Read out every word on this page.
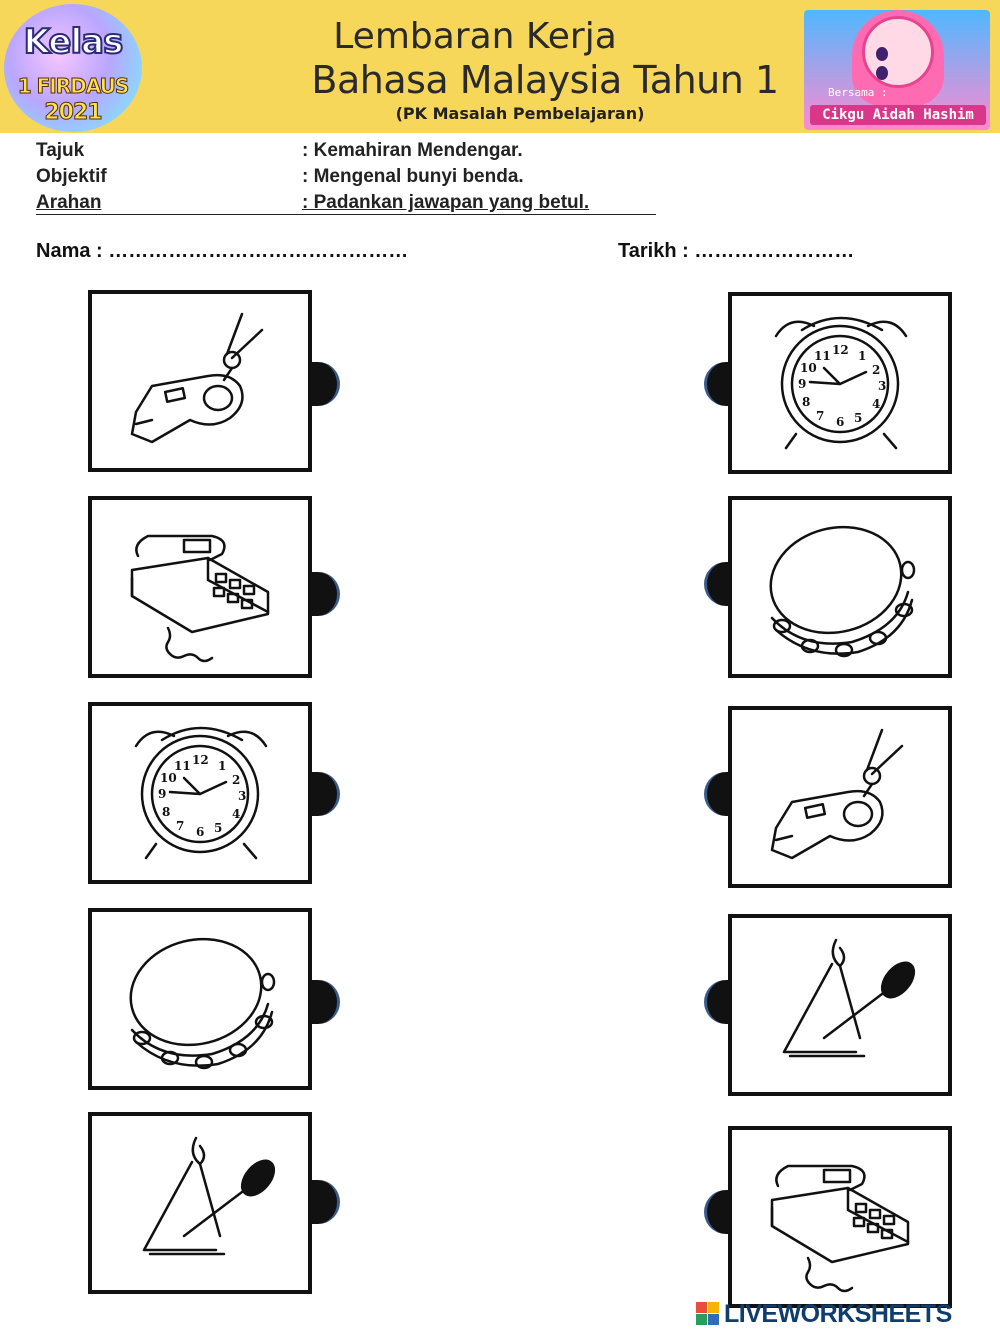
Kelas
1 FIRDAUS
2021
Lembaran Kerja
Bahasa Malaysia Tahun 1
(PK Masalah Pembelajaran)
Bersama :
Cikgu Aidah Hashim
Tajuk	: Kemahiran Mendengar.
Objektif	: Mengenal bunyi benda.
Arahan	: Padankan jawapan yang betul.
Nama : ………………………………………	Tarikh : ……………………
LIVEWORKSHEETS
